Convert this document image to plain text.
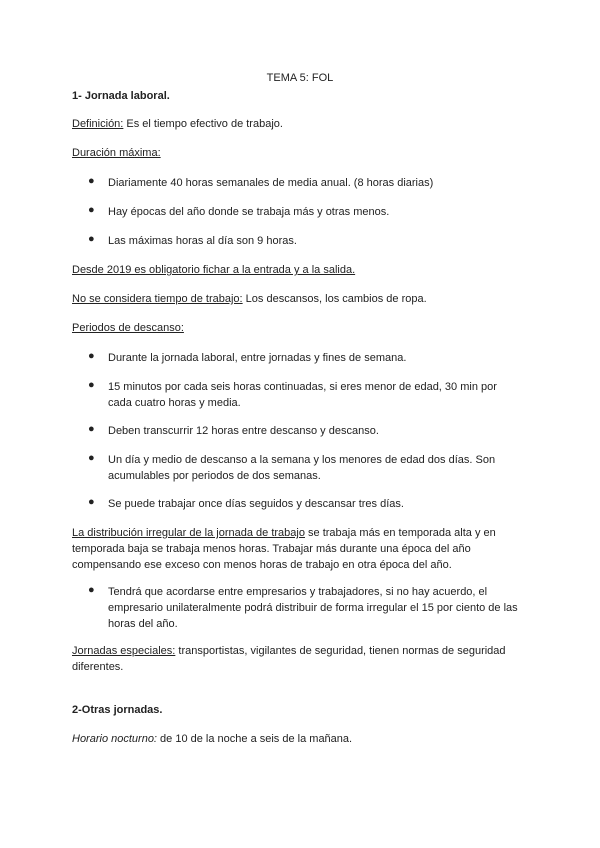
TEMA 5: FOL
1- Jornada laboral.
Definición: Es el tiempo efectivo de trabajo.
Duración máxima:
●	Diariamente 40 horas semanales de media anual. (8 horas diarias)
●	Hay épocas del año donde se trabaja más y otras menos.
●	Las máximas horas al día son 9 horas.
Desde 2019 es obligatorio fichar a la entrada y a la salida.
No se considera tiempo de trabajo: Los descansos, los cambios de ropa.
Periodos de descanso:
●	Durante la jornada laboral, entre jornadas y fines de semana.
●	15 minutos por cada seis horas continuadas, si eres menor de edad, 30 min por cada cuatro horas y media.
●	Deben transcurrir 12 horas entre descanso y descanso.
●	Un día y medio de descanso a la semana y los menores de edad dos días. Son acumulables por periodos de dos semanas.
●	Se puede trabajar once días seguidos y descansar tres días.
La distribución irregular de la jornada de trabajo se trabaja más en temporada alta y en temporada baja se trabaja menos horas. Trabajar más durante una época del año compensando ese exceso con menos horas de trabajo en otra época del año.
●	Tendrá que acordarse entre empresarios y trabajadores, si no hay acuerdo, el empresario unilateralmente podrá distribuir de forma irregular el 15 por ciento de las horas del año.
Jornadas especiales: transportistas, vigilantes de seguridad, tienen normas de seguridad diferentes.
2-Otras jornadas.
Horario nocturno: de 10 de la noche a seis de la mañana.
